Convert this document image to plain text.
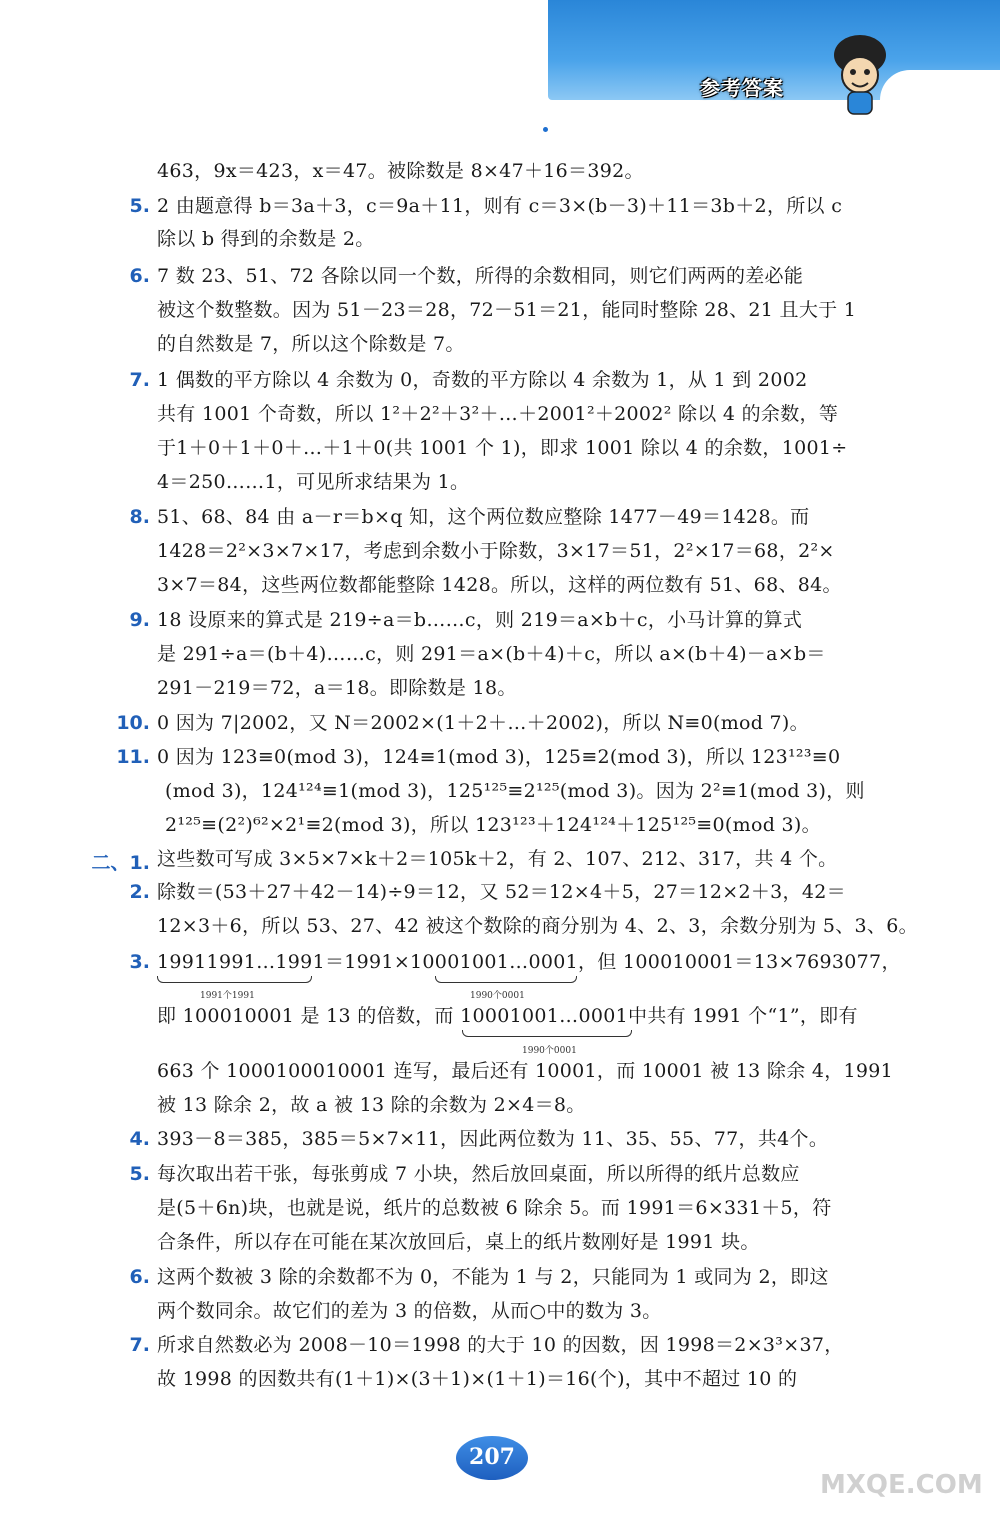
参考答案
463，9x＝423，x＝47。被除数是 8×47＋16＝392。
5. 2 由题意得 b＝3a＋3，c＝9a＋11，则有 c＝3×(b－3)＋11＝3b＋2，所以 c
除以 b 得到的余数是 2。
6. 7 数 23、51、72 各除以同一个数，所得的余数相同，则它们两两的差必能
被这个数整数。因为 51－23＝28，72－51＝21，能同时整除 28、21 且大于 1
的自然数是 7，所以这个除数是 7。
7. 1 偶数的平方除以 4 余数为 0，奇数的平方除以 4 余数为 1，从 1 到 2002
共有 1001 个奇数，所以 1²＋2²＋3²＋…＋2001²＋2002² 除以 4 的余数，等
于1＋0＋1＋0＋…＋1＋0(共 1001 个 1)，即求 1001 除以 4 的余数，1001÷
4＝250……1，可见所求结果为 1。
8. 51、68、84 由 a－r＝b×q 知，这个两位数应整除 1477－49＝1428。而
1428＝2²×3×7×17，考虑到余数小于除数，3×17＝51，2²×17＝68，2²×
3×7＝84，这些两位数都能整除 1428。所以，这样的两位数有 51、68、84。
9. 18 设原来的算式是 219÷a＝b……c，则 219＝a×b＋c，小马计算的算式
是 291÷a＝(b＋4)……c，则 291＝a×(b＋4)＋c，所以 a×(b＋4)－a×b＝
291－219＝72，a＝18。即除数是 18。
10. 0 因为 7|2002，又 N＝2002×(1＋2＋…＋2002)，所以 N≡0(mod 7)。
11. 0 因为 123≡0(mod 3)，124≡1(mod 3)，125≡2(mod 3)，所以 123¹²³≡0
(mod 3)，124¹²⁴≡1(mod 3)，125¹²⁵≡2¹²⁵(mod 3)。因为 2²≡1(mod 3)，则
2¹²⁵≡(2²)⁶²×2¹≡2(mod 3)，所以 123¹²³＋124¹²⁴＋125¹²⁵≡0(mod 3)。
二、1. 这些数可写成 3×5×7×k＋2＝105k＋2，有 2、107、212、317，共 4 个。
2. 除数＝(53＋27＋42－14)÷9＝12，又 52＝12×4＋5，27＝12×2＋3，42＝
12×3＋6，所以 53、27、42 被这个数除的商分别为 4、2、3，余数分别为 5、3、6。
3. 19911991…1991＝1991×10001001…0001，但 100010001＝13×7693077，
即 100010001 是 13 的倍数，而 10001001…0001中共有 1991 个“1”，即有
663 个 1000100010001 连写，最后还有 10001，而 10001 被 13 除余 4，1991
被 13 除余 2，故 a 被 13 除的余数为 2×4＝8。
4. 393－8＝385，385＝5×7×11，因此两位数为 11、35、55、77，共4个。
5. 每次取出若干张，每张剪成 7 小块，然后放回桌面，所以所得的纸片总数应
是(5＋6n)块，也就是说，纸片的总数被 6 除余 5。而 1991＝6×331＋5，符
合条件，所以存在可能在某次放回后，桌上的纸片数刚好是 1991 块。
6. 这两个数被 3 除的余数都不为 0，不能为 1 与 2，只能同为 1 或同为 2，即这
两个数同余。故它们的差为 3 的倍数，从而○中的数为 3。
7. 所求自然数必为 2008－10＝1998 的大于 10 的因数，因 1998＝2×3³×37，
故 1998 的因数共有(1＋1)×(3＋1)×(1＋1)＝16(个)，其中不超过 10 的
1991个1991	1990个0001
1990个0001
207
MXQE.COM
